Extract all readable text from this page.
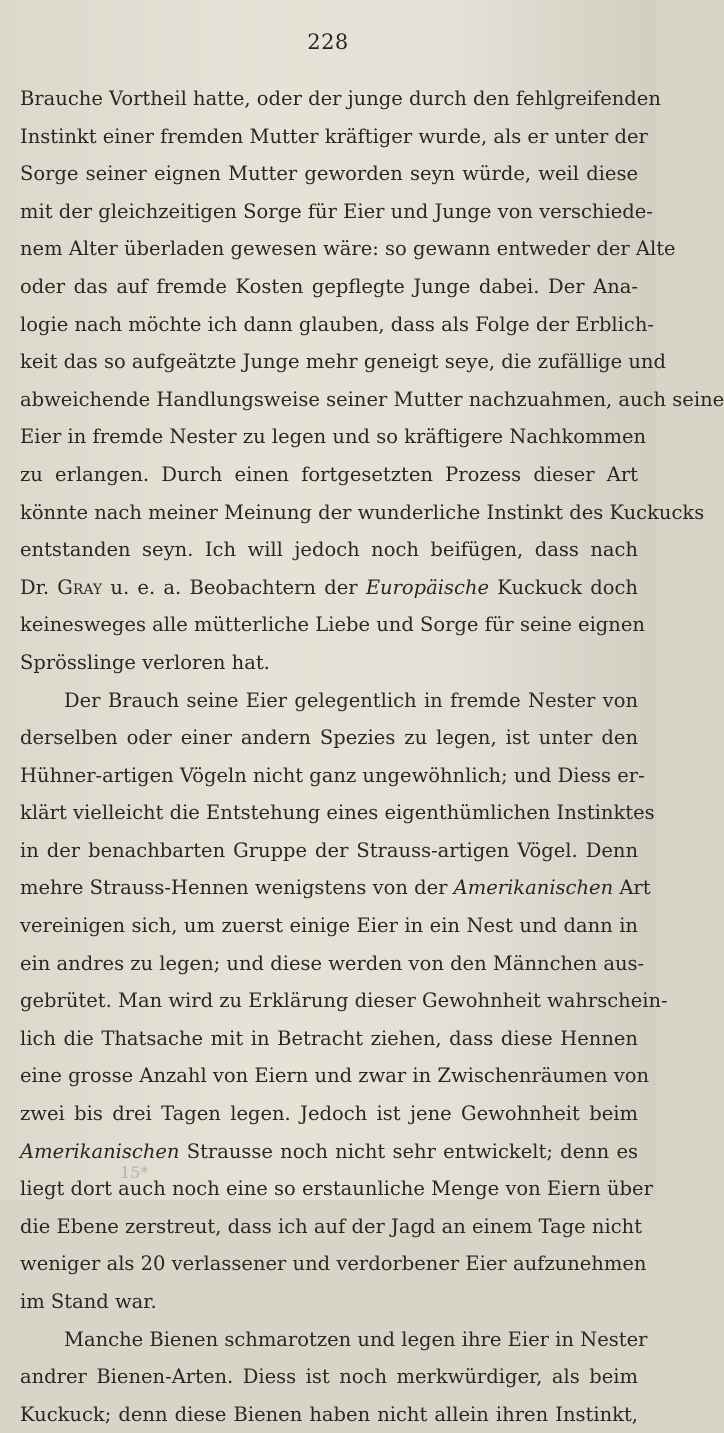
228
Brauche Vortheil hatte, oder der junge durch den fehlgreifenden
Instinkt einer fremden Mutter kräftiger wurde, als er unter der
Sorge seiner eignen Mutter geworden seyn würde, weil diese
mit der gleichzeitigen Sorge für Eier und Junge von verschiede-
nem Alter überladen gewesen wäre: so gewann entweder der Alte
oder das auf fremde Kosten gepflegte Junge dabei. Der Ana-
logie nach möchte ich dann glauben, dass als Folge der Erblich-
keit das so aufgeätzte Junge mehr geneigt seye, die zufällige und
abweichende Handlungsweise seiner Mutter nachzuahmen, auch seine
Eier in fremde Nester zu legen und so kräftigere Nachkommen
zu erlangen. Durch einen fortgesetzten Prozess dieser Art
könnte nach meiner Meinung der wunderliche Instinkt des Kuckucks
entstanden seyn. Ich will jedoch noch beifügen, dass nach
Dr. Gray u. e. a. Beobachtern der Europäische Kuckuck doch
keinesweges alle mütterliche Liebe und Sorge für seine eignen
Sprösslinge verloren hat.
Der Brauch seine Eier gelegentlich in fremde Nester von
derselben oder einer andern Spezies zu legen, ist unter den
Hühner-artigen Vögeln nicht ganz ungewöhnlich; und Diess er-
klärt vielleicht die Entstehung eines eigenthümlichen Instinktes
in der benachbarten Gruppe der Strauss-artigen Vögel. Denn
mehre Strauss-Hennen wenigstens von der Amerikanischen Art
vereinigen sich, um zuerst einige Eier in ein Nest und dann in
ein andres zu legen; und diese werden von den Männchen aus-
gebrütet. Man wird zu Erklärung dieser Gewohnheit wahrschein-
lich die Thatsache mit in Betracht ziehen, dass diese Hennen
eine grosse Anzahl von Eiern und zwar in Zwischenräumen von
zwei bis drei Tagen legen. Jedoch ist jene Gewohnheit beim
Amerikanischen Strausse noch nicht sehr entwickelt; denn es
liegt dort auch noch eine so erstaunliche Menge von Eiern über
die Ebene zerstreut, dass ich auf der Jagd an einem Tage nicht
weniger als 20 verlassener und verdorbener Eier aufzunehmen
im Stand war.
Manche Bienen schmarotzen und legen ihre Eier in Nester
andrer Bienen-Arten. Diess ist noch merkwürdiger, als beim
Kuckuck; denn diese Bienen haben nicht allein ihren Instinkt,
15*
